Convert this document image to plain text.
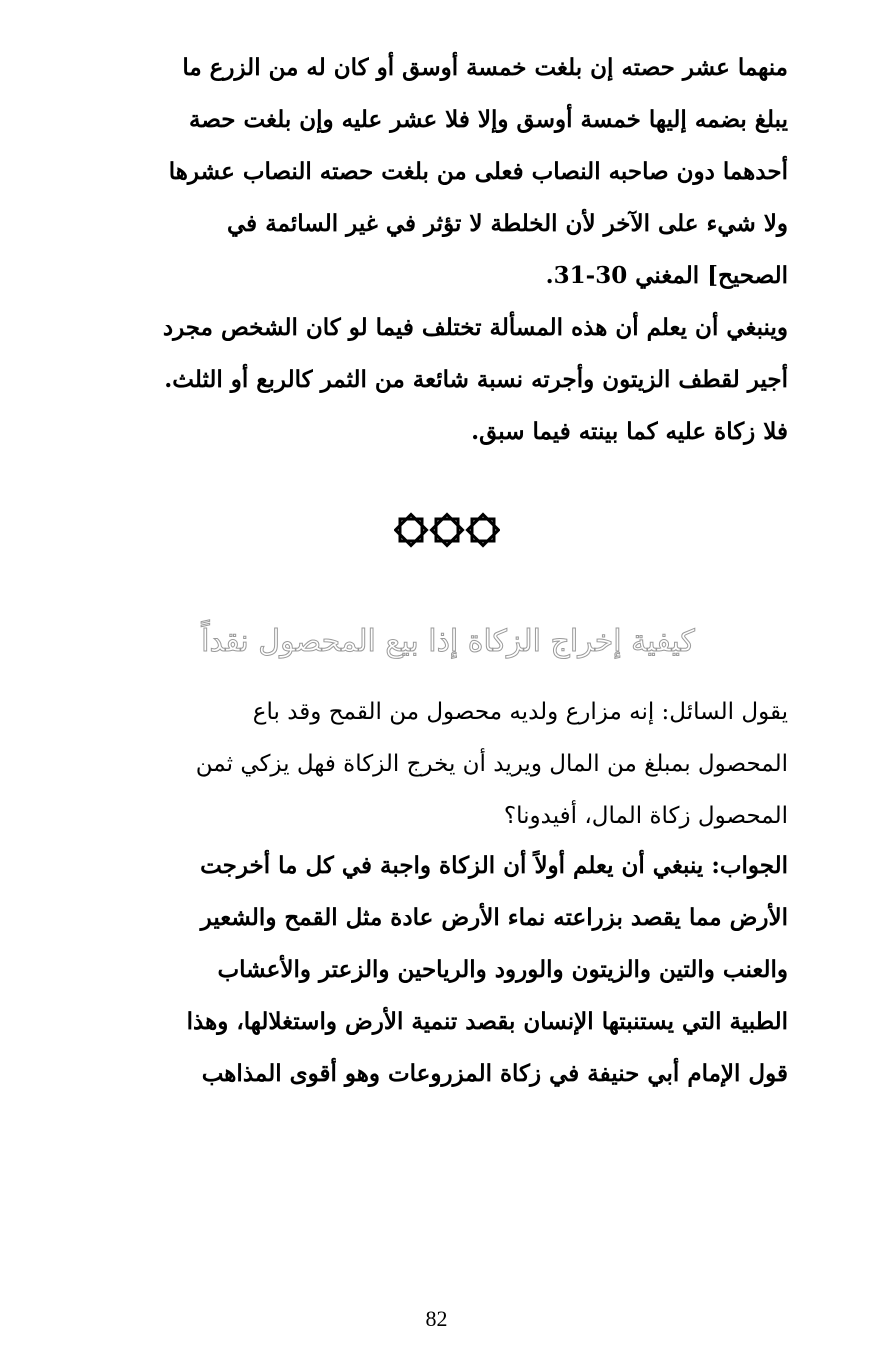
منهما عشر حصته إن بلغت خمسة أوسق أو كان له من الزرع ما
يبلغ بضمه إليها خمسة أوسق وإلا فلا عشر عليه وإن بلغت حصة
أحدهما دون صاحبه النصاب فعلى من بلغت حصته النصاب عشرها
ولا شيء على الآخر لأن الخلطة لا تؤثر في غير السائمة في
الصحيح] المغني 30-31.
وينبغي أن يعلم أن هذه المسألة تختلف فيما لو كان الشخص مجرد
أجير لقطف الزيتون وأجرته نسبة شائعة من الثمر كالربع أو الثلث.
فلا زكاة عليه كما بينته فيما سبق.
كيفية إخراج الزكاة إذا بيع المحصول نقداً
يقول السائل: إنه مزارع ولديه محصول من القمح وقد باع
المحصول بمبلغ من المال ويريد أن يخرج الزكاة فهل يزكي ثمن
المحصول زكاة المال، أفيدونا؟
الجواب: ينبغي أن يعلم أولاً أن الزكاة واجبة في كل ما أخرجت
الأرض مما يقصد بزراعته نماء الأرض عادة مثل القمح والشعير
والعنب والتين والزيتون والورود والرياحين والزعتر والأعشاب
الطبية التي يستنبتها الإنسان بقصد تنمية الأرض واستغلالها، وهذا
قول الإمام أبي حنيفة في زكاة المزروعات وهو أقوى المذاهب
82
